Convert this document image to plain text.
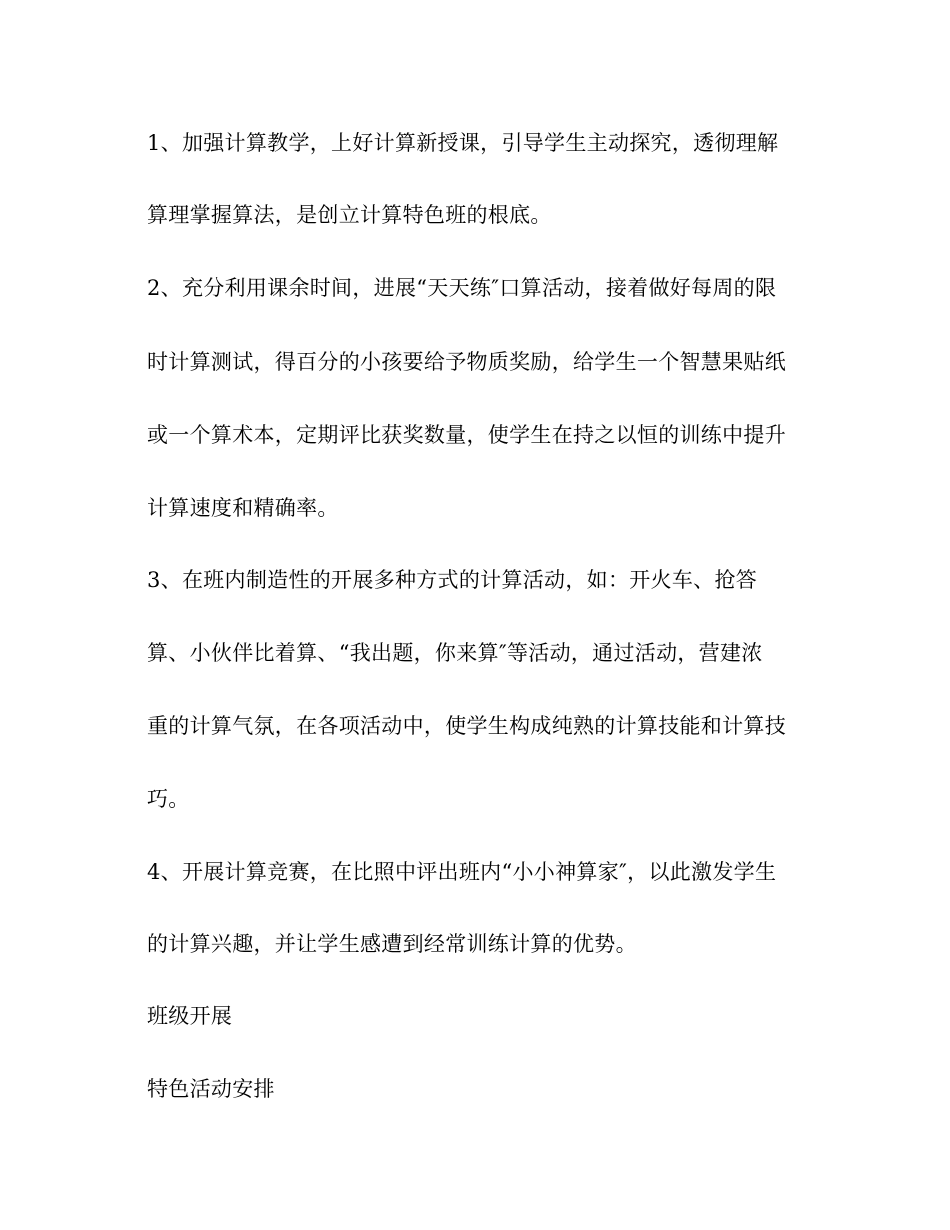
1、加强计算教学，上好计算新授课，引导学生主动探究，透彻理解
算理掌握算法，是创立计算特色班的根底。
2、充分利用课余时间，进展“天天练″口算活动，接着做好每周的限
时计算测试，得百分的小孩要给予物质奖励，给学生一个智慧果贴纸
或一个算术本，定期评比获奖数量，使学生在持之以恒的训练中提升
计算速度和精确率。
3、在班内制造性的开展多种方式的计算活动，如：开火车、抢答
算、小伙伴比着算、“我出题，你来算″等活动，通过活动，营建浓
重的计算气氛，在各项活动中，使学生构成纯熟的计算技能和计算技
巧。
4、开展计算竞赛，在比照中评出班内“小小神算家″，以此激发学生
的计算兴趣，并让学生感遭到经常训练计算的优势。
班级开展
特色活动安排
